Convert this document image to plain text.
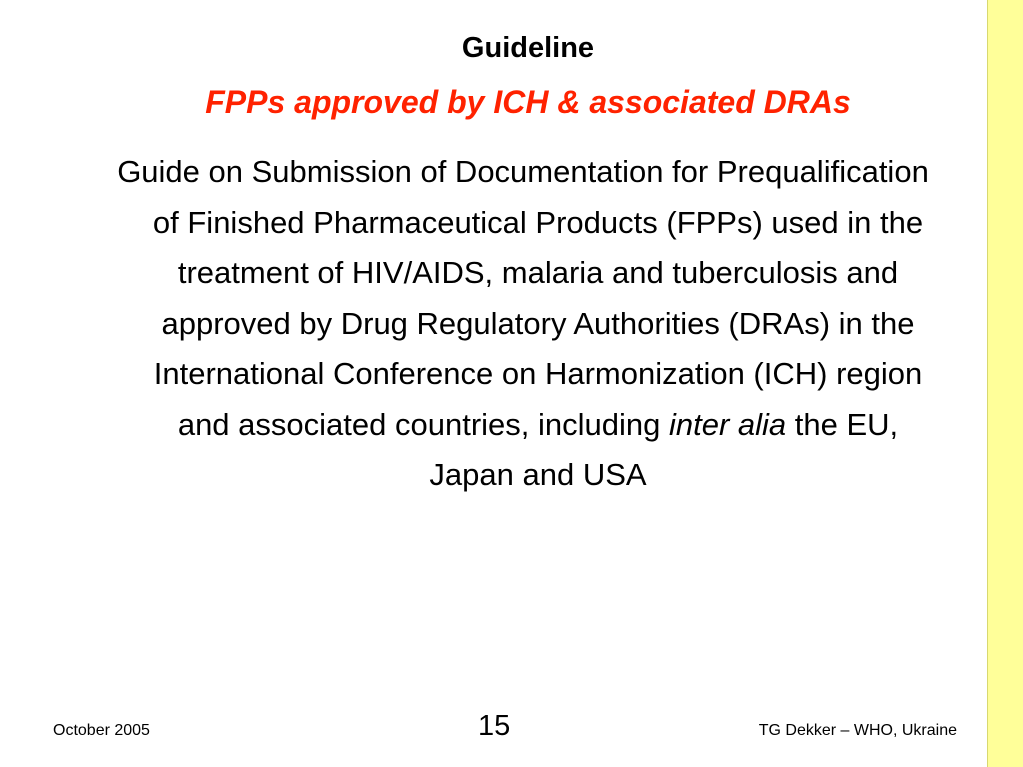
Guideline
FPPs approved by ICH & associated DRAs
Guide on Submission of Documentation for Prequalification of Finished Pharmaceutical Products (FPPs) used in the treatment of HIV/AIDS, malaria and tuberculosis and approved by Drug Regulatory Authorities (DRAs) in the International Conference on Harmonization (ICH) region and associated countries, including inter alia the EU, Japan and USA
October 2005	15	TG Dekker – WHO, Ukraine
